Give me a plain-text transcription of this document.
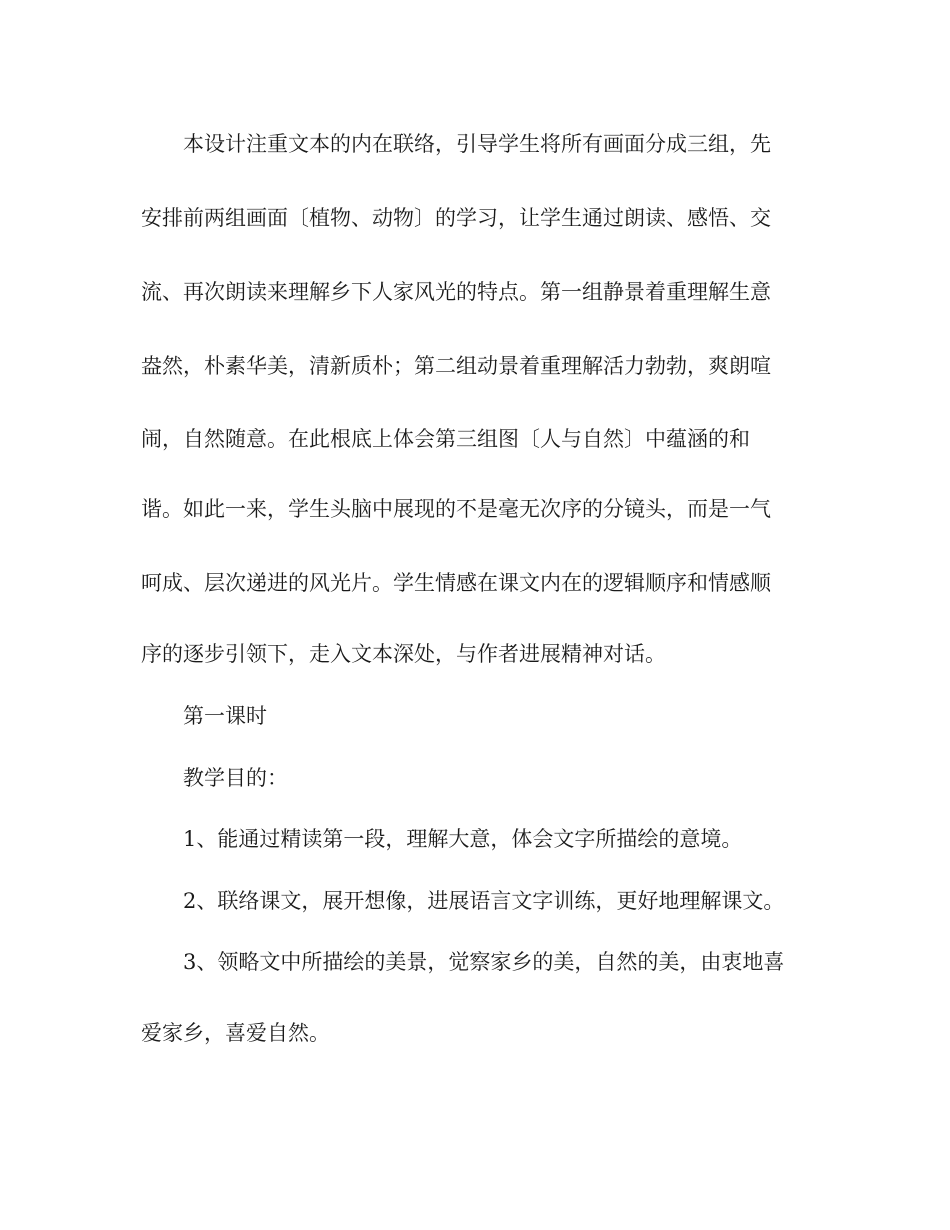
本设计注重文本的内在联络，引导学生将所有画面分成三组，先
安排前两组画面〔植物、动物〕的学习，让学生通过朗读、感悟、交
流、再次朗读来理解乡下人家风光的特点。第一组静景着重理解生意
盎然，朴素华美，清新质朴；第二组动景着重理解活力勃勃，爽朗喧
闹，自然随意。在此根底上体会第三组图〔人与自然〕中蕴涵的和
谐。如此一来，学生头脑中展现的不是毫无次序的分镜头，而是一气
呵成、层次递进的风光片。学生情感在课文内在的逻辑顺序和情感顺
序的逐步引领下，走入文本深处，与作者进展精神对话。
第一课时
教学目的：
1、能通过精读第一段，理解大意，体会文字所描绘的意境。
2、联络课文，展开想像，进展语言文字训练，更好地理解课文。
3、领略文中所描绘的美景，觉察家乡的美，自然的美，由衷地喜
爱家乡，喜爱自然。
